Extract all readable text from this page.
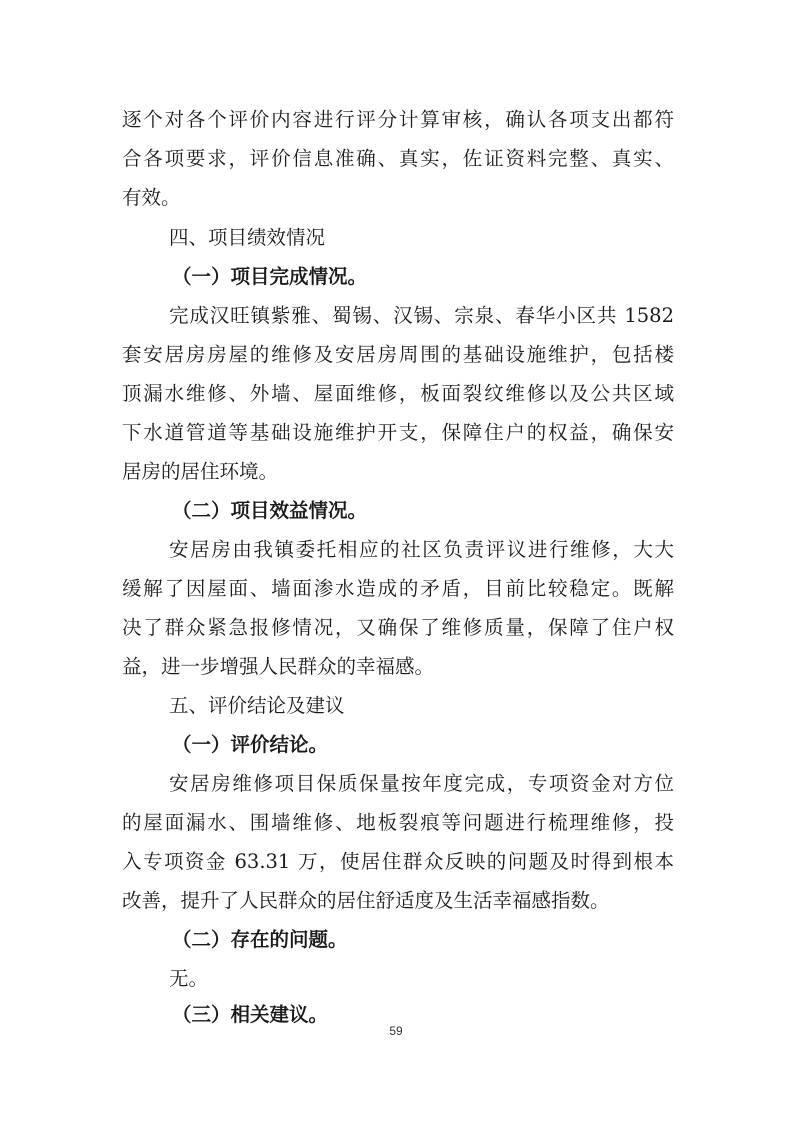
逐个对各个评价内容进行评分计算审核，确认各项支出都符
合各项要求，评价信息准确、真实，佐证资料完整、真实、
有效。
四、项目绩效情况
（一）项目完成情况。
完成汉旺镇紫雅、蜀锡、汉锡、宗泉、春华小区共 1582
套安居房房屋的维修及安居房周围的基础设施维护，包括楼
顶漏水维修、外墙、屋面维修，板面裂纹维修以及公共区域
下水道管道等基础设施维护开支，保障住户的权益，确保安
居房的居住环境。
（二）项目效益情况。
安居房由我镇委托相应的社区负责评议进行维修，大大
缓解了因屋面、墙面渗水造成的矛盾，目前比较稳定。既解
决了群众紧急报修情况，又确保了维修质量，保障了住户权
益，进一步增强人民群众的幸福感。
五、评价结论及建议
（一）评价结论。
安居房维修项目保质保量按年度完成，专项资金对方位
的屋面漏水、围墙维修、地板裂痕等问题进行梳理维修，投
入专项资金 63.31 万，使居住群众反映的问题及时得到根本
改善，提升了人民群众的居住舒适度及生活幸福感指数。
（二）存在的问题。
无。
（三）相关建议。
59
